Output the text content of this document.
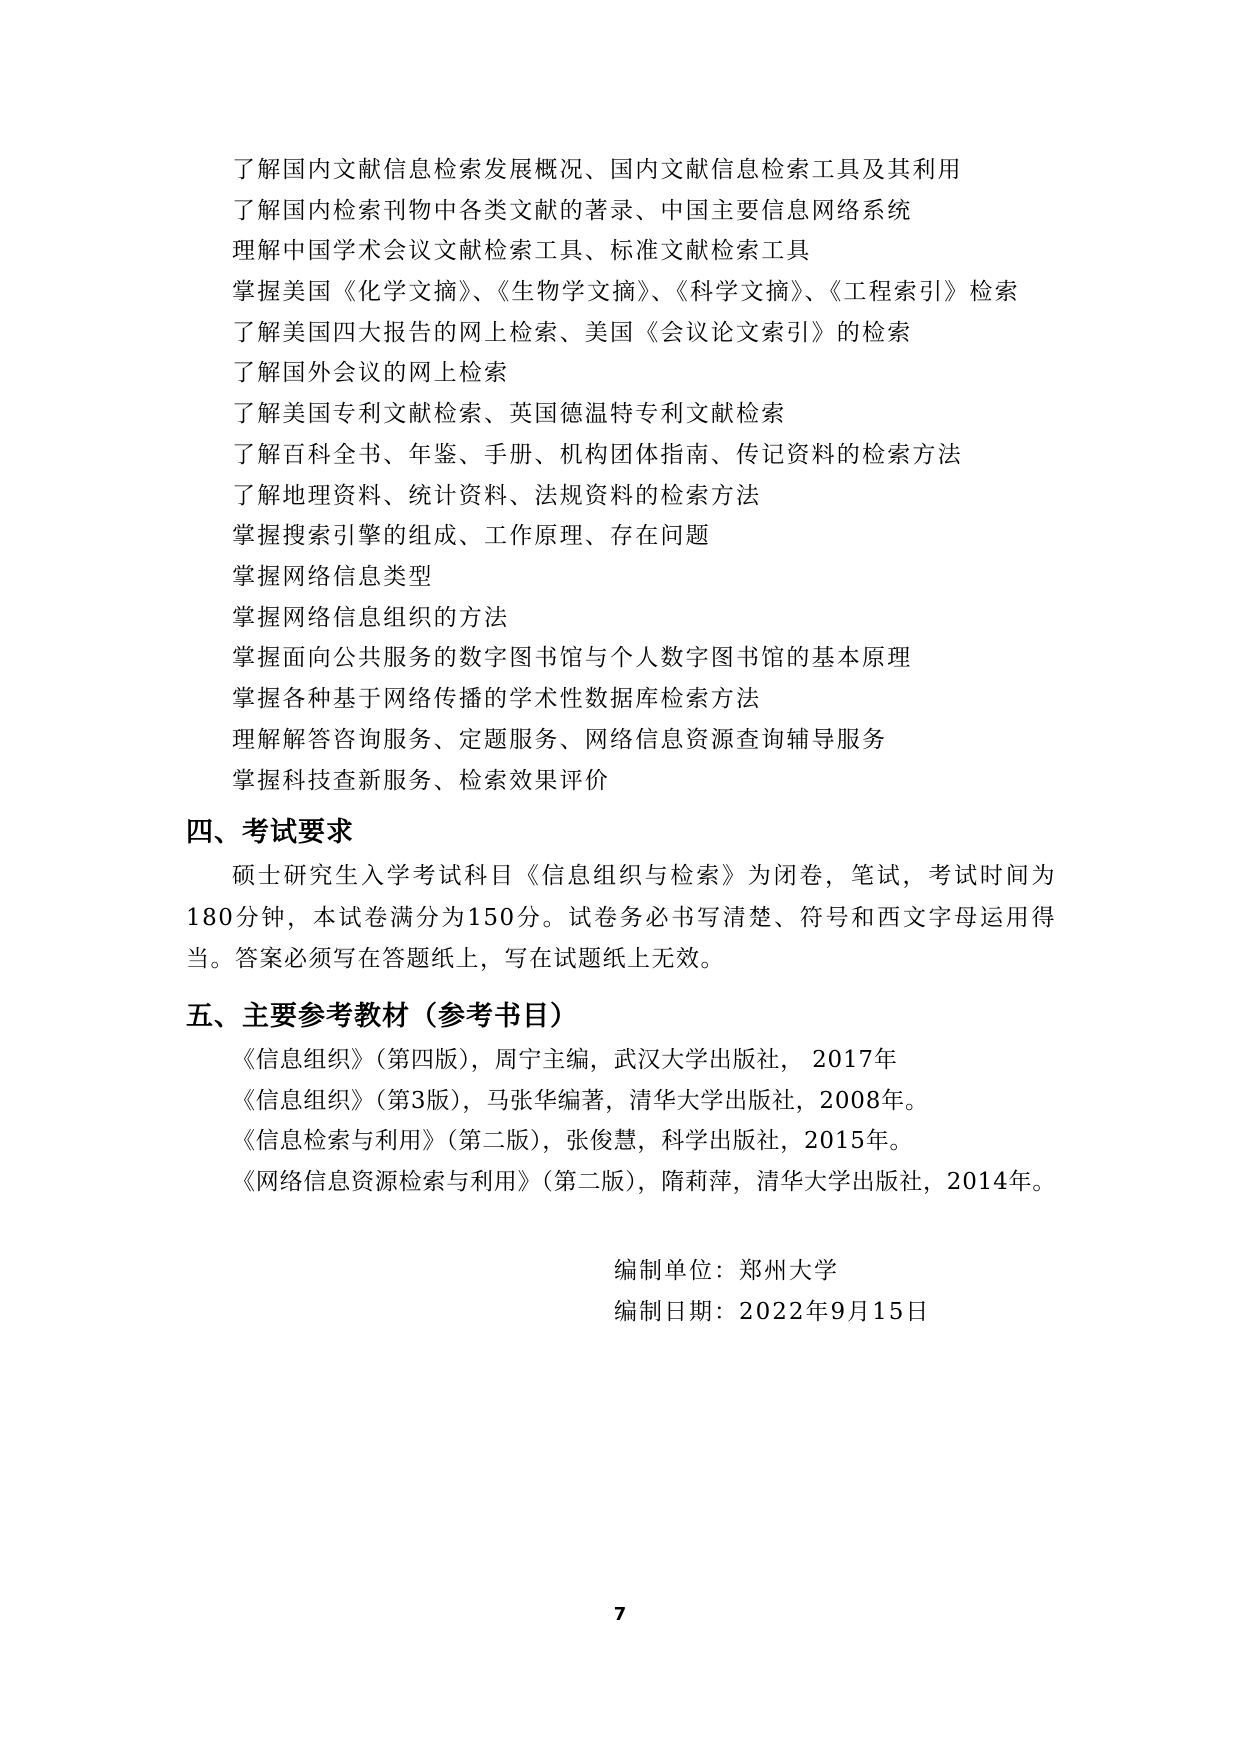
了解国内文献信息检索发展概况、国内文献信息检索工具及其利用
了解国内检索刊物中各类文献的著录、中国主要信息网络系统
理解中国学术会议文献检索工具、标准文献检索工具
掌握美国《化学文摘》、《生物学文摘》、《科学文摘》、《工程索引》检索
了解美国四大报告的网上检索、美国《会议论文索引》的检索
了解国外会议的网上检索
了解美国专利文献检索、英国德温特专利文献检索
了解百科全书、年鉴、手册、机构团体指南、传记资料的检索方法
了解地理资料、统计资料、法规资料的检索方法
掌握搜索引擎的组成、工作原理、存在问题
掌握网络信息类型
掌握网络信息组织的方法
掌握面向公共服务的数字图书馆与个人数字图书馆的基本原理
掌握各种基于网络传播的学术性数据库检索方法
理解解答咨询服务、定题服务、网络信息资源查询辅导服务
掌握科技查新服务、检索效果评价
四、考试要求
硕士研究生入学考试科目《信息组织与检索》为闭卷，笔试，考试时间为180分钟，本试卷满分为150分。试卷务必书写清楚、符号和西文字母运用得当。答案必须写在答题纸上，写在试题纸上无效。
五、主要参考教材（参考书目）
《信息组织》（第四版），周宁主编，武汉大学出版社， 2017年
《信息组织》（第3版），马张华编著，清华大学出版社，2008年。
《信息检索与利用》（第二版），张俊慧，科学出版社，2015年。
《网络信息资源检索与利用》（第二版），隋莉萍，清华大学出版社，2014年。
编制单位：郑州大学
编制日期：2022年9月15日
7
